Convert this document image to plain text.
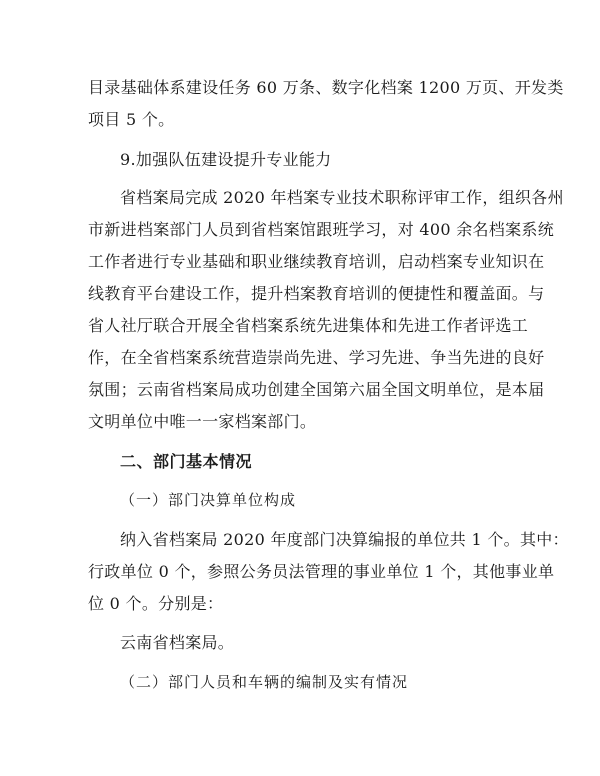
目录基础体系建设任务 60 万条、数字化档案 1200 万页、开发类
项目 5 个。
9.加强队伍建设提升专业能力
省档案局完成 2020 年档案专业技术职称评审工作，组织各州
市新进档案部门人员到省档案馆跟班学习，对 400 余名档案系统
工作者进行专业基础和职业继续教育培训，启动档案专业知识在
线教育平台建设工作，提升档案教育培训的便捷性和覆盖面。与
省人社厅联合开展全省档案系统先进集体和先进工作者评选工
作，在全省档案系统营造崇尚先进、学习先进、争当先进的良好
氛围；云南省档案局成功创建全国第六届全国文明单位，是本届
文明单位中唯一一家档案部门。
二、部门基本情况
（一）部门决算单位构成
纳入省档案局 2020 年度部门决算编报的单位共 1 个。其中：
行政单位 0 个，参照公务员法管理的事业单位 1 个，其他事业单
位 0 个。分别是：
云南省档案局。
（二）部门人员和车辆的编制及实有情况
